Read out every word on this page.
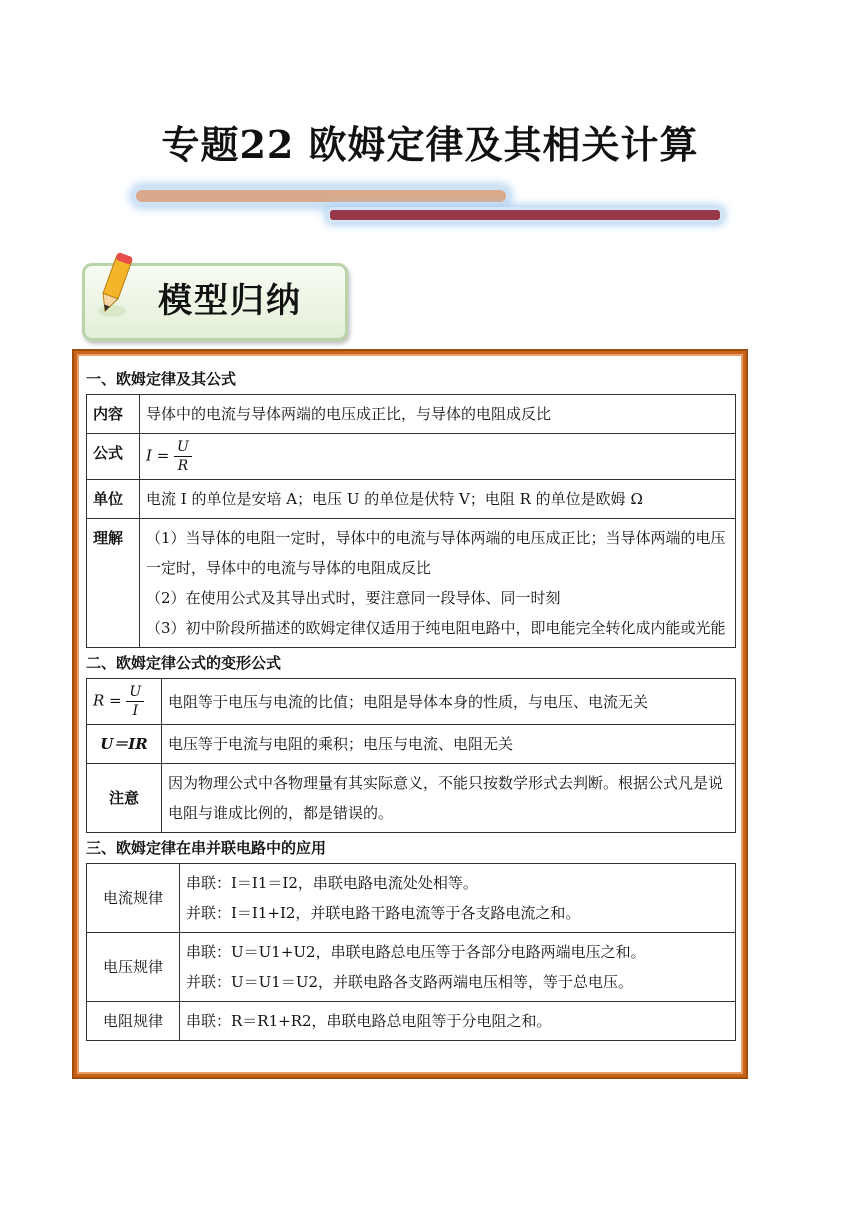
专题22 欧姆定律及其相关计算
模型归纳
一、欧姆定律及其公式
内容	导体中的电流与导体两端的电压成正比，与导体的电阻成反比
公式	$I = \frac{U}{R}$

单位	电流 I 的单位是安培 A；电压 U 的单位是伏特 V；电阻 R 的单位是欧姆 Ω
理解	（1）当导体的电阻一定时，导体中的电流与导体两端的电压成正比；当导体两端的电压一定时，导体中的电流与导体的电阻成反比
（2）在使用公式及其导出式时，要注意同一段导体、同一时刻
（3）初中阶段所描述的欧姆定律仅适用于纯电阻电路中，即电能完全转化成内能或光能
二、欧姆定律公式的变形公式
$R = \frac{U}{I}$	电阻等于电压与电流的比值；电阻是导体本身的性质，与电压、电流无关
U＝IR	电压等于电流与电阻的乘积；电压与电流、电阻无关
注意	因为物理公式中各物理量有其实际意义，不能只按数学形式去判断。根据公式凡是说电阻与谁成比例的，都是错误的。
三、欧姆定律在串并联电路中的应用
电流规律	串联：I＝I1＝I2，串联电路电流处处相等。
并联：I＝I1+I2，并联电路干路电流等于各支路电流之和。

电压规律	串联：U＝U1+U2，串联电路总电压等于各部分电路两端电压之和。
并联：U＝U1＝U2，并联电路各支路两端电压相等，等于总电压。

电阻规律	串联：R＝R1+R2，串联电路总电阻等于分电阻之和。
